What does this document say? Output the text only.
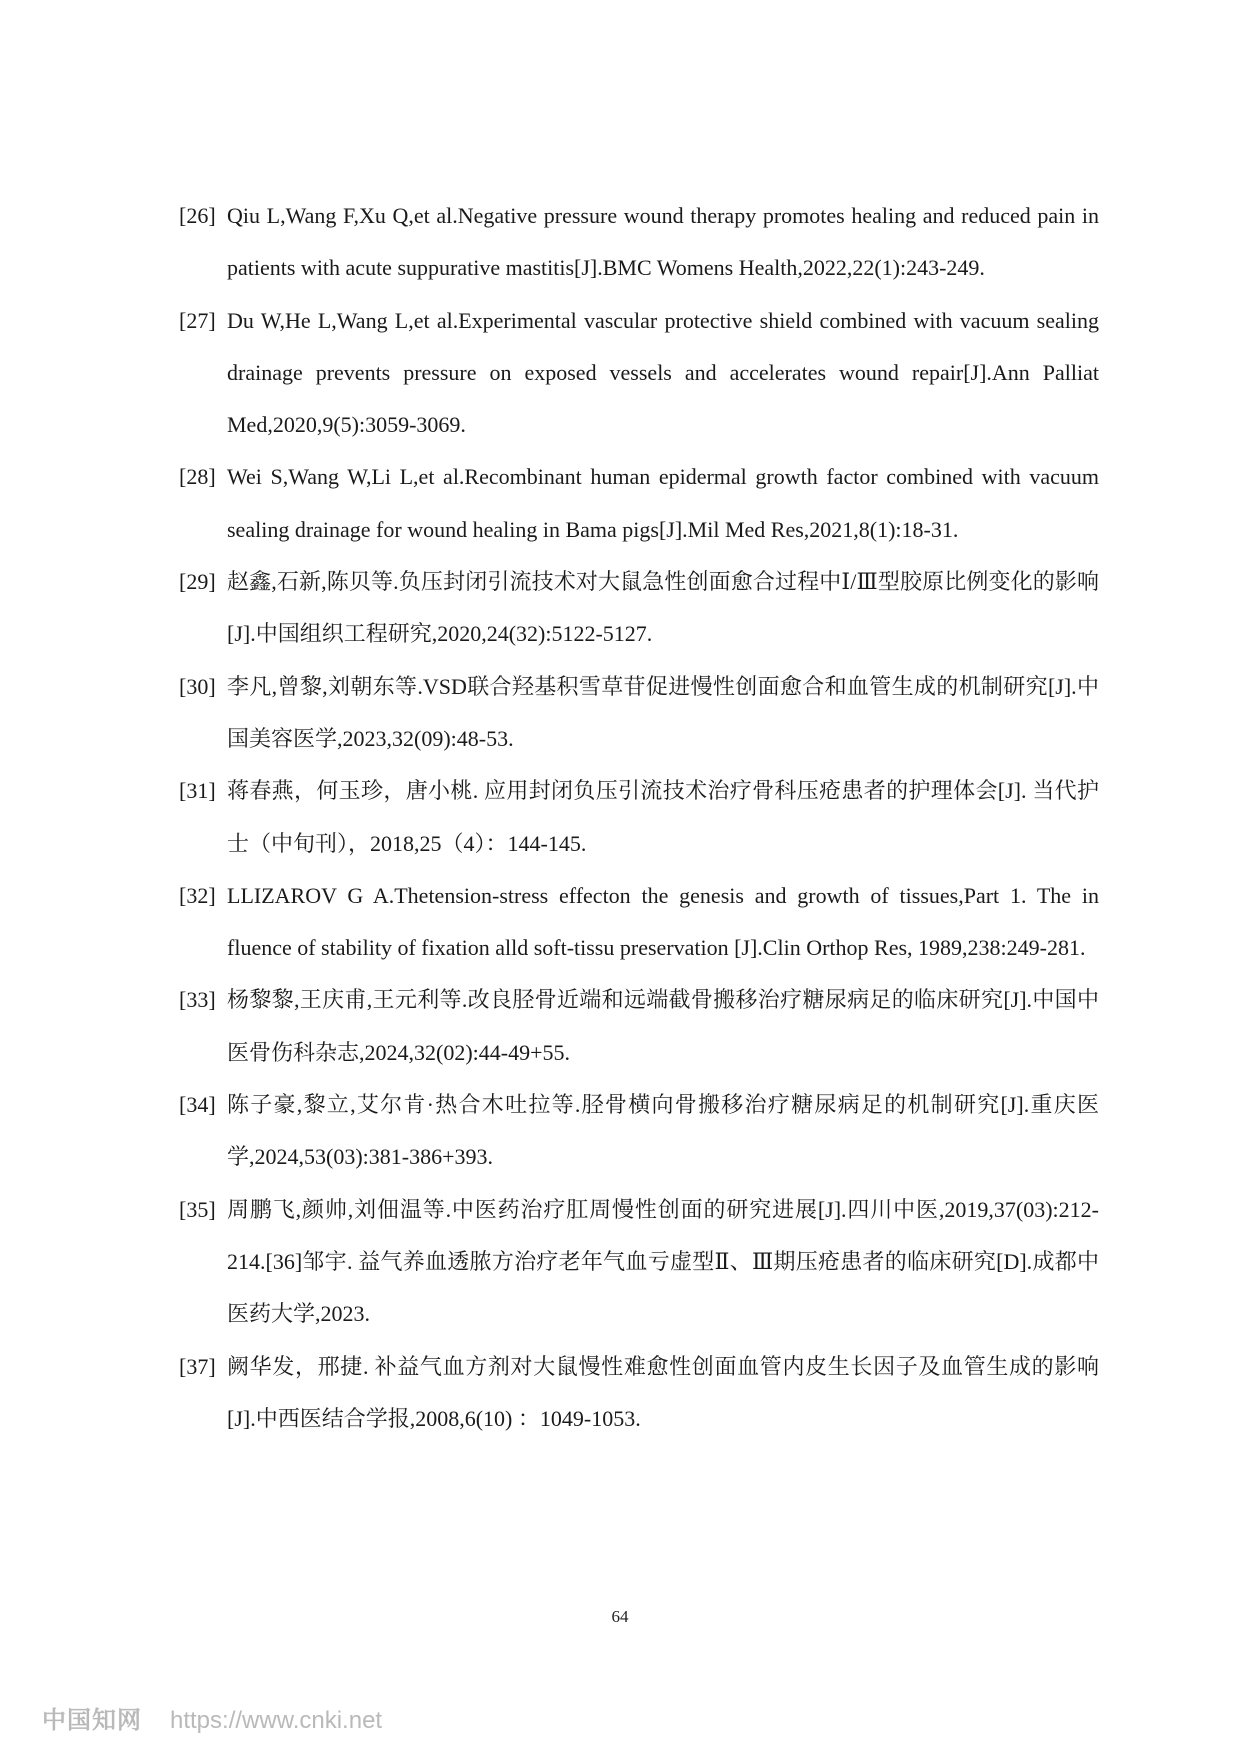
[26] Qiu L,Wang F,Xu Q,et al.Negative pressure wound therapy promotes healing and reduced pain in patients with acute suppurative mastitis[J].BMC Womens Health,2022,22(1):243-249.
[27] Du W,He L,Wang L,et al.Experimental vascular protective shield combined with vacuum sealing drainage prevents pressure on exposed vessels and accelerates wound repair[J].Ann Palliat Med,2020,9(5):3059-3069.
[28] Wei S,Wang W,Li L,et al.Recombinant human epidermal growth factor combined with vacuum sealing drainage for wound healing in Bama pigs[J].Mil Med Res,2021,8(1):18-31.
[29] 赵鑫,石新,陈贝等.负压封闭引流技术对大鼠急性创面愈合过程中Ⅰ/Ⅲ型胶原比例变化的影响[J].中国组织工程研究,2020,24(32):5122-5127.
[30] 李凡,曾黎,刘朝东等.VSD联合羟基积雪草苷促进慢性创面愈合和血管生成的机制研究[J].中国美容医学,2023,32(09):48-53.
[31] 蒋春燕，何玉珍，唐小桃. 应用封闭负压引流技术治疗骨科压疮患者的护理体会[J]. 当代护士（中旬刊），2018,25（4）：144-145.
[32] LLIZAROV G A.Thetension-stress effecton the genesis and growth of tissues,Part 1. The in fluence of stability of fixation alld soft-tissu preservation [J].Clin Orthop Res, 1989,238:249-281.
[33] 杨黎黎,王庆甫,王元利等.改良胫骨近端和远端截骨搬移治疗糖尿病足的临床研究[J].中国中医骨伤科杂志,2024,32(02):44-49+55.
[34] 陈子豪,黎立,艾尔肯·热合木吐拉等.胫骨横向骨搬移治疗糖尿病足的机制研究[J].重庆医学,2024,53(03):381-386+393.
[35] 周鹏飞,颜帅,刘佃温等.中医药治疗肛周慢性创面的研究进展[J].四川中医,2019,37(03):212-214.[36]邹宇. 益气养血透脓方治疗老年气血亏虚型Ⅱ、Ⅲ期压疮患者的临床研究[D].成都中医药大学,2023.
[37] 阙华发，邢捷. 补益气血方剂对大鼠慢性难愈性创面血管内皮生长因子及血管生成的影响[J].中西医结合学报,2008,6(10) ：1049-1053.
64
中国知网 https://www.cnki.net
